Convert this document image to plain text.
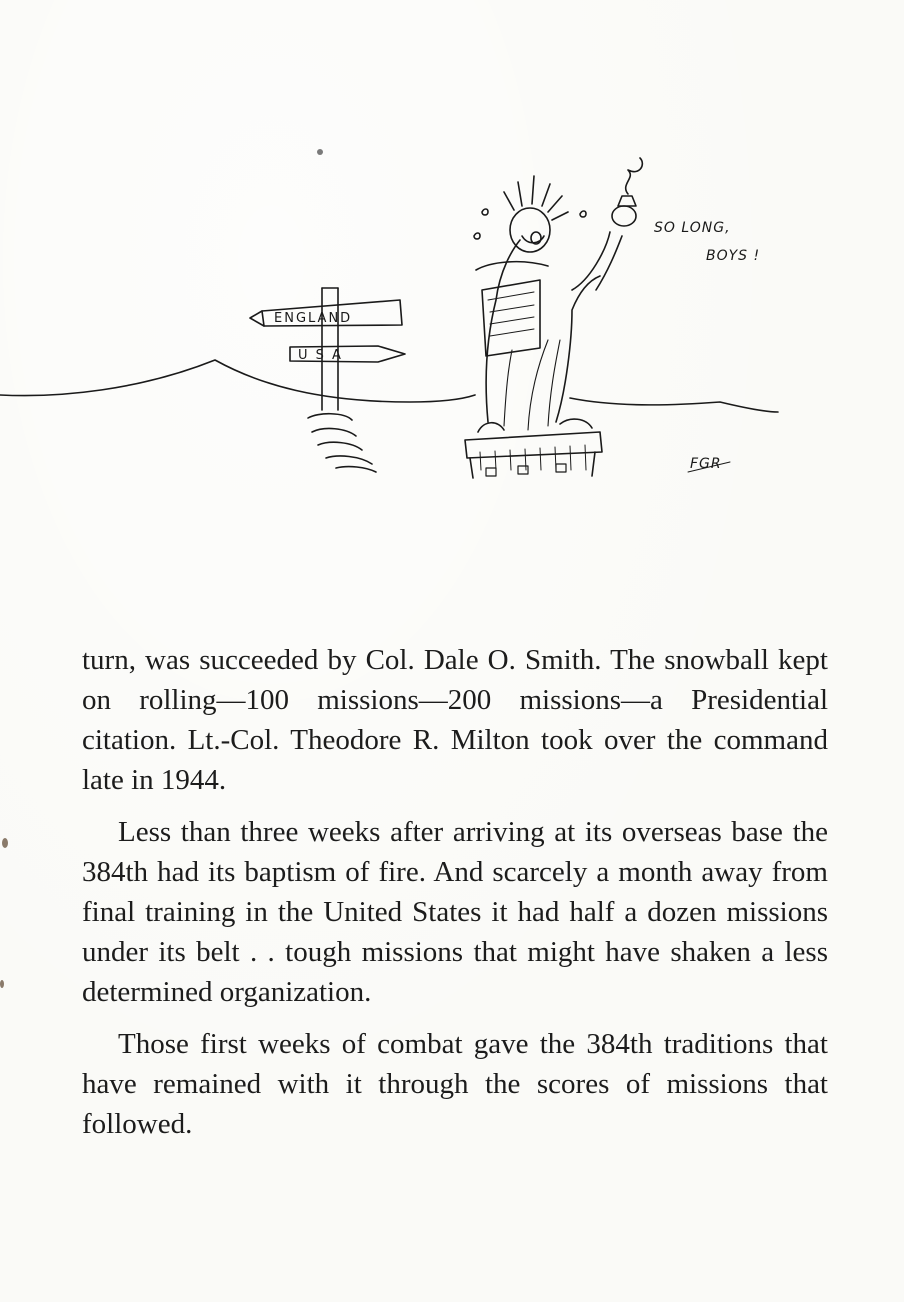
ENGLAND
U S A
SO LONG,
BOYS !
FGR

turn, was succeeded by Col. Dale O. Smith. The snowball kept on rolling—100 missions—200 missions—a Presidential citation. Lt.-Col. Theodore R. Milton took over the command late in 1944.

Less than three weeks after arriving at its overseas base the 384th had its baptism of fire. And scarcely a month away from final training in the United States it had half a dozen missions under its belt . . tough missions that might have shaken a less determined organization.

Those first weeks of combat gave the 384th traditions that have remained with it through the scores of missions that followed.
